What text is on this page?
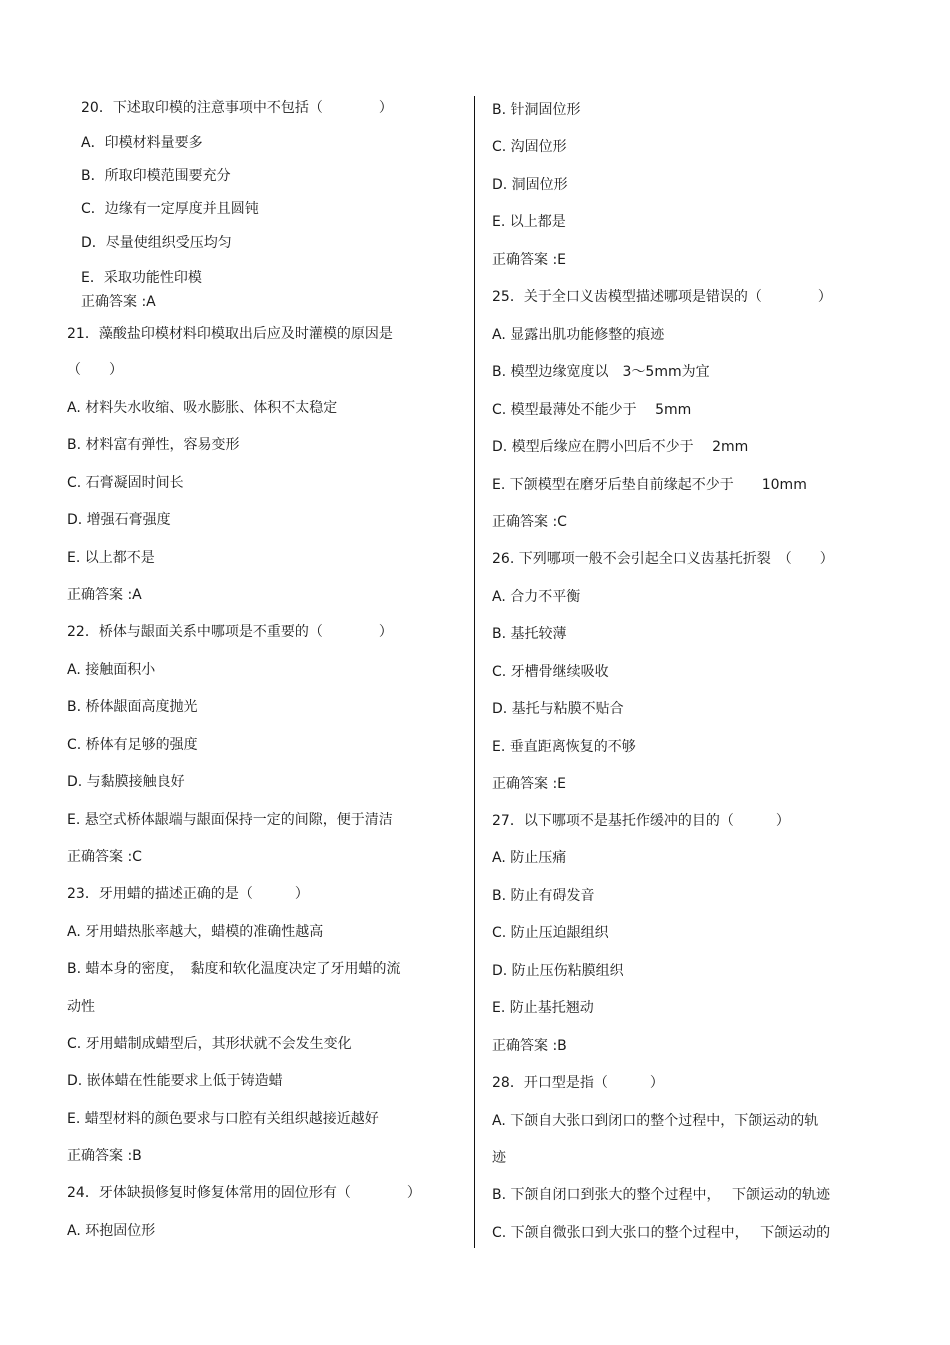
20．下述取印模的注意事项中不包括（　　　　）
A．印模材料量要多
B．所取印模范围要充分
C．边缘有一定厚度并且圆钝
D．尽量使组织受压均匀
E．采取功能性印模
正确答案 :A
21．藻酸盐印模材料印模取出后应及时灌模的原因是
（　　）
A. 材料失水收缩、吸水膨胀、体积不太稳定
B. 材料富有弹性，容易变形
C. 石膏凝固时间长
D. 增强石膏强度
E. 以上都不是
正确答案 :A
22．桥体与龈面关系中哪项是不重要的（　　　　）
A. 接触面积小
B. 桥体龈面高度抛光
C. 桥体有足够的强度
D. 与黏膜接触良好
E. 悬空式桥体龈端与龈面保持一定的间隙，便于清洁
正确答案 :C
23．牙用蜡的描述正确的是（　　　）
A. 牙用蜡热胀率越大，蜡模的准确性越高
B. 蜡本身的密度，　黏度和软化温度决定了牙用蜡的流
动性
C. 牙用蜡制成蜡型后，其形状就不会发生变化
D. 嵌体蜡在性能要求上低于铸造蜡
E. 蜡型材料的颜色要求与口腔有关组织越接近越好
正确答案 :B
24．牙体缺损修复时修复体常用的固位形有（　　　　）
A. 环抱固位形
B. 针洞固位形
C. 沟固位形
D. 洞固位形
E. 以上都是
正确答案 :E
25．关于全口义齿模型描述哪项是错误的（　　　　）
A. 显露出肌功能修整的痕迹
B. 模型边缘宽度以　3～5mm为宜
C. 模型最薄处不能少于　 5mm
D. 模型后缘应在腭小凹后不少于　 2mm
E. 下颌模型在磨牙后垫自前缘起不少于　　10mm
正确答案 :C
26. 下列哪项一般不会引起全口义齿基托折裂　（　　）
A. 合力不平衡
B. 基托较薄
C. 牙槽骨继续吸收
D. 基托与粘膜不贴合
E. 垂直距离恢复的不够
正确答案 :E
27．以下哪项不是基托作缓冲的目的（　　　）
A. 防止压痛
B. 防止有碍发音
C. 防止压迫龈组织
D. 防止压伤粘膜组织
E. 防止基托翘动
正确答案 :B
28．开口型是指（　　　）
A. 下颌自大张口到闭口的整个过程中，下颌运动的轨
迹
B. 下颌自闭口到张大的整个过程中，　 下颌运动的轨迹
C. 下颌自微张口到大张口的整个过程中，　 下颌运动的
